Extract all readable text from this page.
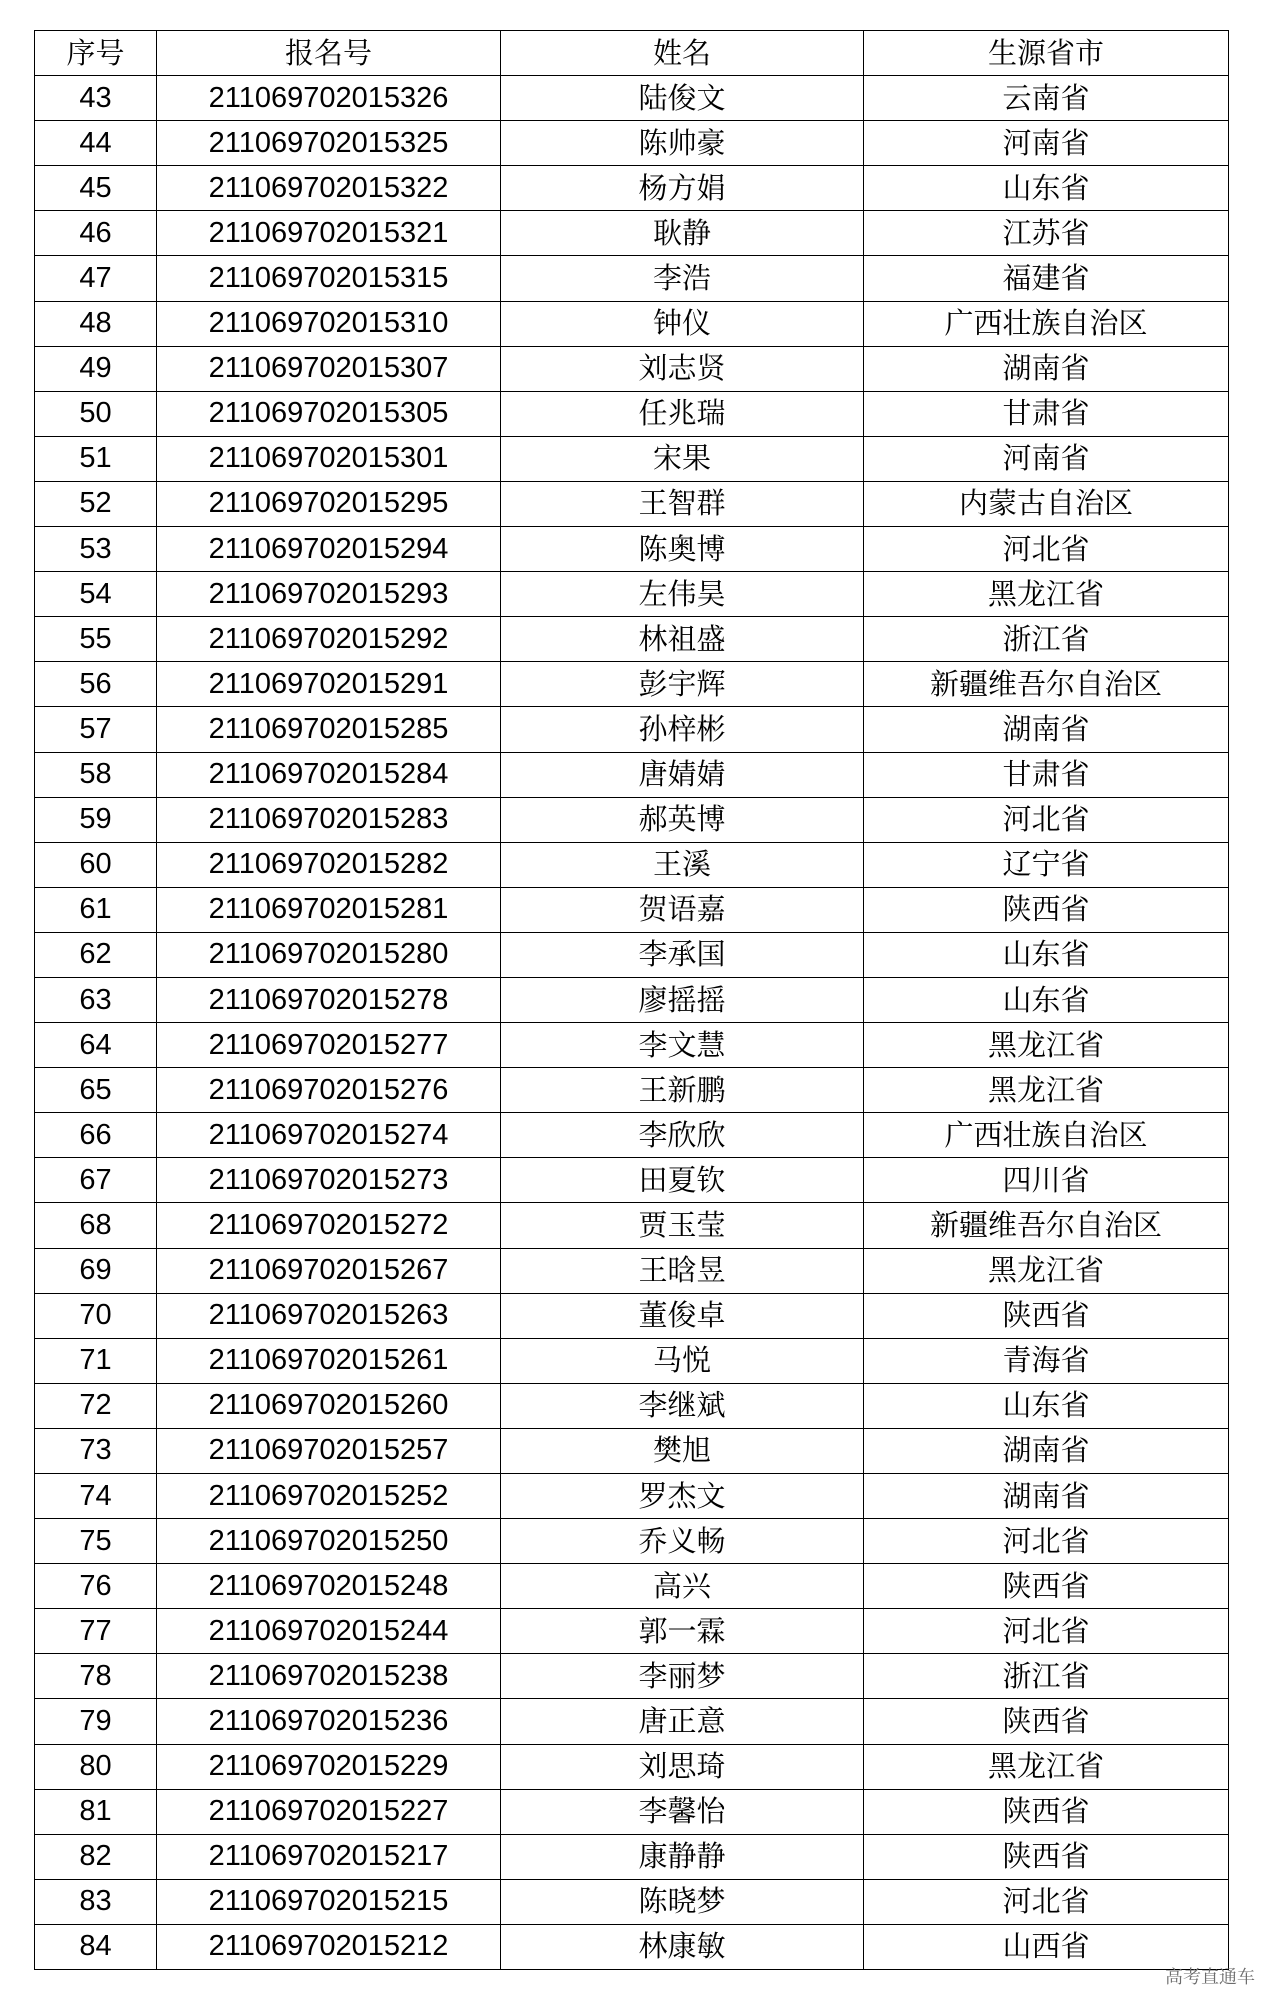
序号	报名号	姓名	生源省市
43	211069702015326	陆俊文	云南省
44	211069702015325	陈帅豪	河南省
45	211069702015322	杨方娟	山东省
46	211069702015321	耿静	江苏省
47	211069702015315	李浩	福建省
48	211069702015310	钟仪	广西壮族自治区
49	211069702015307	刘志贤	湖南省
50	211069702015305	任兆瑞	甘肃省
51	211069702015301	宋果	河南省
52	211069702015295	王智群	内蒙古自治区
53	211069702015294	陈奥博	河北省
54	211069702015293	左伟昊	黑龙江省
55	211069702015292	林祖盛	浙江省
56	211069702015291	彭宇辉	新疆维吾尔自治区
57	211069702015285	孙梓彬	湖南省
58	211069702015284	唐婧婧	甘肃省
59	211069702015283	郝英博	河北省
60	211069702015282	王溪	辽宁省
61	211069702015281	贺语嘉	陕西省
62	211069702015280	李承国	山东省
63	211069702015278	廖摇摇	山东省
64	211069702015277	李文慧	黑龙江省
65	211069702015276	王新鹏	黑龙江省
66	211069702015274	李欣欣	广西壮族自治区
67	211069702015273	田夏钦	四川省
68	211069702015272	贾玉莹	新疆维吾尔自治区
69	211069702015267	王晗昱	黑龙江省
70	211069702015263	董俊卓	陕西省
71	211069702015261	马悦	青海省
72	211069702015260	李继斌	山东省
73	211069702015257	樊旭	湖南省
74	211069702015252	罗杰文	湖南省
75	211069702015250	乔义畅	河北省
76	211069702015248	高兴	陕西省
77	211069702015244	郭一霖	河北省
78	211069702015238	李丽梦	浙江省
79	211069702015236	唐正意	陕西省
80	211069702015229	刘思琦	黑龙江省
81	211069702015227	李馨怡	陕西省
82	211069702015217	康静静	陕西省
83	211069702015215	陈晓梦	河北省
84	211069702015212	林康敏	山西省
高考直通车
